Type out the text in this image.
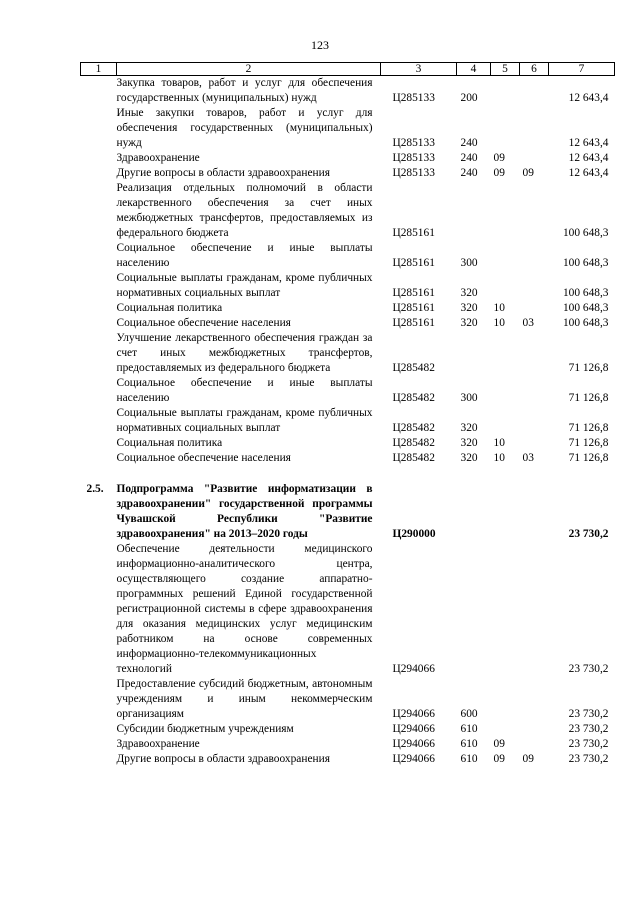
123
1	2	3	4	5	6	7
	Закупка товаров, работ и услуг для обеспечения государственных (муниципальных) нужд	Ц285133	200			12 643,4
	Иные закупки товаров, работ и услуг для обеспечения государственных (муниципальных) нужд	Ц285133	240			12 643,4
	Здравоохранение	Ц285133	240	09		12 643,4
	Другие вопросы в области здравоохранения	Ц285133	240	09	09	12 643,4
	Реализация отдельных полномочий в области лекарственного обеспечения за счет иных межбюджетных трансфертов, предоставляемых из федерального бюджета	Ц285161				100 648,3
	Социальное обеспечение и иные выплаты населению	Ц285161	300			100 648,3
	Социальные выплаты гражданам, кроме публичных нормативных социальных выплат	Ц285161	320			100 648,3
	Социальная политика	Ц285161	320	10		100 648,3
	Социальное обеспечение населения	Ц285161	320	10	03	100 648,3
	Улучшение лекарственного обеспечения граждан за счет иных межбюджетных трансфертов, предоставляемых из федерального бюджета	Ц285482				71 126,8
	Социальное обеспечение и иные выплаты населению	Ц285482	300			71 126,8
	Социальные выплаты гражданам, кроме публичных нормативных социальных выплат	Ц285482	320			71 126,8
	Социальная политика	Ц285482	320	10		71 126,8
	Социальное обеспечение населения	Ц285482	320	10	03	71 126,8

2.5.	Подпрограмма "Развитие информатизации в здравоохранении" государственной программы Чувашской Республики "Развитие здравоохранения" на 2013–2020 годы	Ц290000				23 730,2
	Обеспечение деятельности медицинского информационно-аналитического центра, осуществляющего создание аппаратно-программных решений Единой государственной регистрационной системы в сфере здравоохранения для оказания медицинских услуг медицинским работником на основе современных информационно-телекоммуникационных технологий	Ц294066				23 730,2
	Предоставление субсидий бюджетным, автономным учреждениям и иным некоммерческим организациям	Ц294066	600			23 730,2
	Субсидии бюджетным учреждениям	Ц294066	610			23 730,2
	Здравоохранение	Ц294066	610	09		23 730,2
	Другие вопросы в области здравоохранения	Ц294066	610	09	09	23 730,2
